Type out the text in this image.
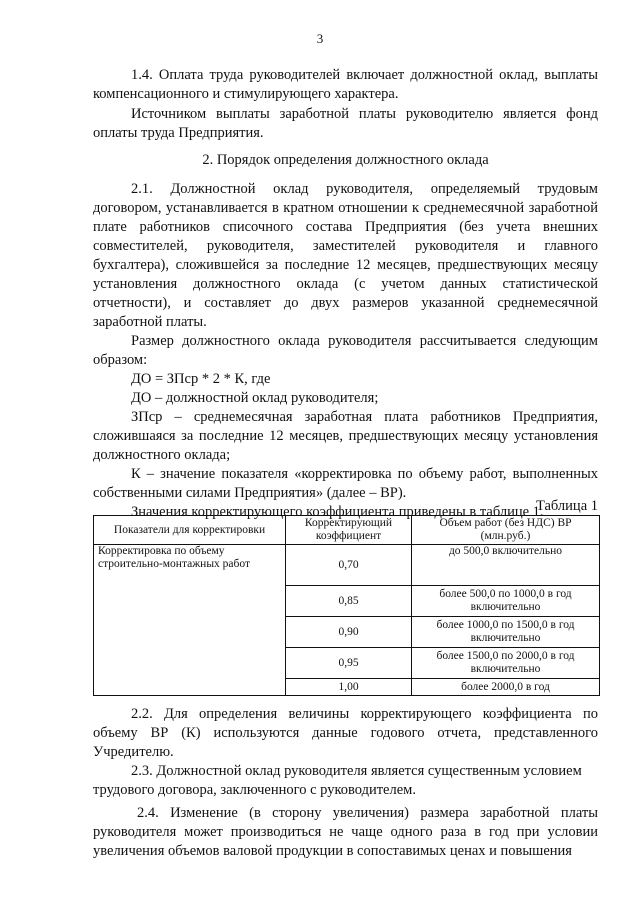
3

1.4. Оплата труда руководителей включает должностной оклад, выплаты компенсационного и стимулирующего характера.

Источником выплаты заработной платы руководителю является фонд оплаты труда Предприятия.

2. Порядок определения должностного оклада

2.1. Должностной оклад руководителя, определяемый трудовым договором, устанавливается в кратном отношении к среднемесячной заработной плате работников списочного состава Предприятия (без учета внешних совместителей, руководителя, заместителей руководителя и главного бухгалтера), сложившейся за последние 12 месяцев, предшествующих месяцу установления должностного оклада (с учетом данных статистической отчетности), и составляет до двух размеров указанной среднемесячной заработной платы.

Размер должностного оклада руководителя рассчитывается следующим образом:

ДО = ЗПср * 2 * К, где

ДО – должностной оклад руководителя;

ЗПср – среднемесячная заработная плата работников Предприятия, сложившаяся за последние 12 месяцев, предшествующих месяцу установления должностного оклада;

К – значение показателя «корректировка по объему работ, выполненных собственными силами Предприятия» (далее – ВР).

Значения корректирующего коэффициента приведены в таблице 1.

Таблица 1
Показатели для корректировки	Корректирующий коэффициент	Объем работ (без НДС) ВР (млн.руб.)
Корректировка по объему строительно-монтажных работ	0,70	до 500,0 включительно
	0,85	более 500,0 по 1000,0 в год включительно
	0,90	более 1000,0 по 1500,0 в год включительно
	0,95	более 1500,0 по 2000,0 в год включительно
	1,00	более 2000,0 в год

2.2. Для определения величины корректирующего коэффициента по объему ВР (К) используются данные годового отчета, представленного Учредителю.

2.3. Должностной оклад руководителя является существенным условием трудового договора, заключенного с руководителем.

2.4. Изменение (в сторону увеличения) размера заработной платы руководителя может производиться не чаще одного раза в год при условии увеличения объемов валовой продукции в сопоставимых ценах и повышения
